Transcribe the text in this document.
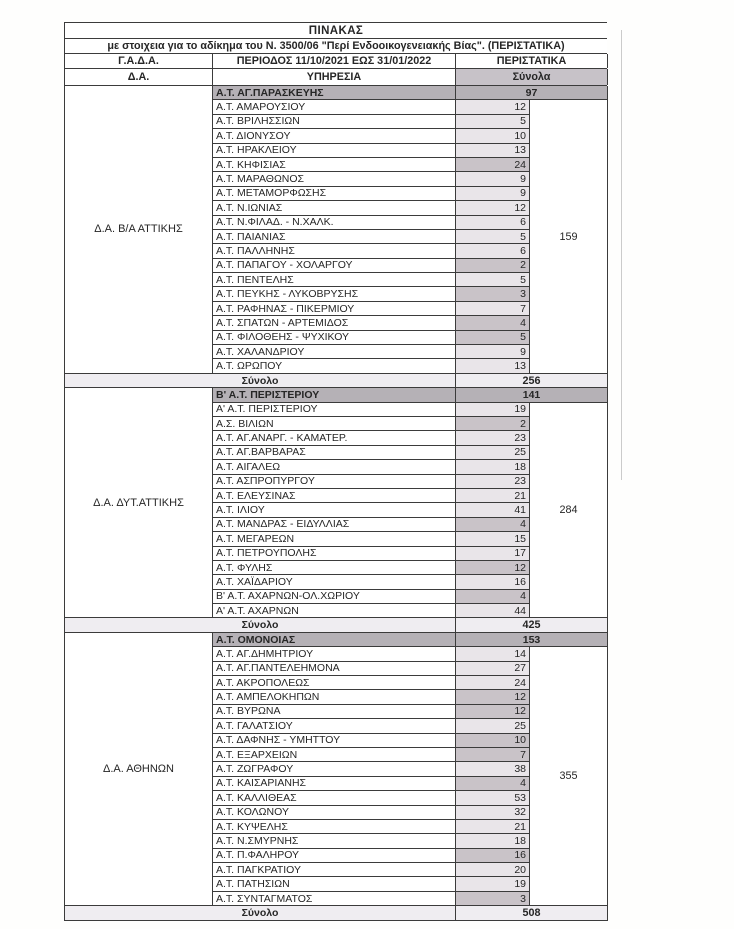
ΠΙΝΑΚΑΣ
με στοιχεια για το αδίκημα του Ν. 3500/06 "Περί Ενδοοικογενειακής Βίας". (ΠΕΡΙΣΤΑΤΙΚΑ)
Γ.Α.Δ.Α.	ΠΕΡΙΟΔΟΣ 11/10/2021 ΕΩΣ 31/01/2022	ΠΕΡΙΣΤΑΤΙΚΑ
Δ.Α.	ΥΠΗΡΕΣΙΑ	Σύνολα
Δ.Α. Β/Α ΑΤΤΙΚΗΣ
Α.Τ. ΑΓ.ΠΑΡΑΣΚΕΥΗΣ	97
Α.Τ. ΑΜΑΡΟΥΣΙΟΥ	12
Α.Τ. ΒΡΙΛΗΣΣΙΩΝ	5
Α.Τ. ΔΙΟΝΥΣΟΥ	10
Α.Τ. ΗΡΑΚΛΕΙΟΥ	13
Α.Τ. ΚΗΦΙΣΙΑΣ	24
Α.Τ. ΜΑΡΑΘΩΝΟΣ	9
Α.Τ. ΜΕΤΑΜΟΡΦΩΣΗΣ	9
Α.Τ. Ν.ΙΩΝΙΑΣ	12
Α.Τ. Ν.ΦΙΛΑΔ. - Ν.ΧΑΛΚ.	6
Α.Τ. ΠΑΙΑΝΙΑΣ	5
Α.Τ. ΠΑΛΛΗΝΗΣ	6
Α.Τ. ΠΑΠΑΓΟΥ - ΧΟΛΑΡΓΟΥ	2
Α.Τ. ΠΕΝΤΕΛΗΣ	5
Α.Τ. ΠΕΥΚΗΣ - ΛΥΚΟΒΡΥΣΗΣ	3
Α.Τ. ΡΑΦΗΝΑΣ - ΠΙΚΕΡΜΙΟΥ	7
Α.Τ. ΣΠΑΤΩΝ - ΑΡΤΕΜΙΔΟΣ	4
Α.Τ. ΦΙΛΟΘΕΗΣ - ΨΥΧΙΚΟΥ	5
Α.Τ. ΧΑΛΑΝΔΡΙΟΥ	9
Α.Τ. ΩΡΩΠΟΥ	13
159
Σύνολο	256
Δ.Α. ΔΥΤ.ΑΤΤΙΚΗΣ
Β' Α.Τ. ΠΕΡΙΣΤΕΡΙΟΥ	141
Α' Α.Τ. ΠΕΡΙΣΤΕΡΙΟΥ	19
Α.Σ. ΒΙΛΙΩΝ	2
Α.Τ. ΑΓ.ΑΝΑΡΓ. - ΚΑΜΑΤΕΡ.	23
Α.Τ. ΑΓ.ΒΑΡΒΑΡΑΣ	25
Α.Τ. ΑΙΓΑΛΕΩ	18
Α.Τ. ΑΣΠΡΟΠΥΡΓΟΥ	23
Α.Τ. ΕΛΕΥΣΙΝΑΣ	21
Α.Τ. ΙΛΙΟΥ	41
Α.Τ. ΜΑΝΔΡΑΣ - ΕΙΔΥΛΛΙΑΣ	4
Α.Τ. ΜΕΓΑΡΕΩΝ	15
Α.Τ. ΠΕΤΡΟΥΠΟΛΗΣ	17
Α.Τ. ΦΥΛΗΣ	12
Α.Τ. ΧΑΪΔΑΡΙΟΥ	16
Β' Α.Τ. ΑΧΑΡΝΩΝ-ΟΛ.ΧΩΡΙΟΥ	4
Α' Α.Τ. ΑΧΑΡΝΩΝ	44
284
Σύνολο	425
Δ.Α. ΑΘΗΝΩΝ
Α.Τ. ΟΜΟΝΟΙΑΣ	153
Α.Τ. ΑΓ.ΔΗΜΗΤΡΙΟΥ	14
Α.Τ. ΑΓ.ΠΑΝΤΕΛΕΗΜΟΝΑ	27
Α.Τ. ΑΚΡΟΠΟΛΕΩΣ	24
Α.Τ. ΑΜΠΕΛΟΚΗΠΩΝ	12
Α.Τ. ΒΥΡΩΝΑ	12
Α.Τ. ΓΑΛΑΤΣΙΟΥ	25
Α.Τ. ΔΑΦΝΗΣ - ΥΜΗΤΤΟΥ	10
Α.Τ. ΕΞΑΡΧΕΙΩΝ	7
Α.Τ. ΖΩΓΡΑΦΟΥ	38
Α.Τ. ΚΑΙΣΑΡΙΑΝΗΣ	4
Α.Τ. ΚΑΛΛΙΘΕΑΣ	53
Α.Τ. ΚΟΛΩΝΟΥ	32
Α.Τ. ΚΥΨΕΛΗΣ	21
Α.Τ. Ν.ΣΜΥΡΝΗΣ	18
Α.Τ. Π.ΦΑΛΗΡΟΥ	16
Α.Τ. ΠΑΓΚΡΑΤΙΟΥ	20
Α.Τ. ΠΑΤΗΣΙΩΝ	19
Α.Τ. ΣΥΝΤΑΓΜΑΤΟΣ	3
355
Σύνολο	508
